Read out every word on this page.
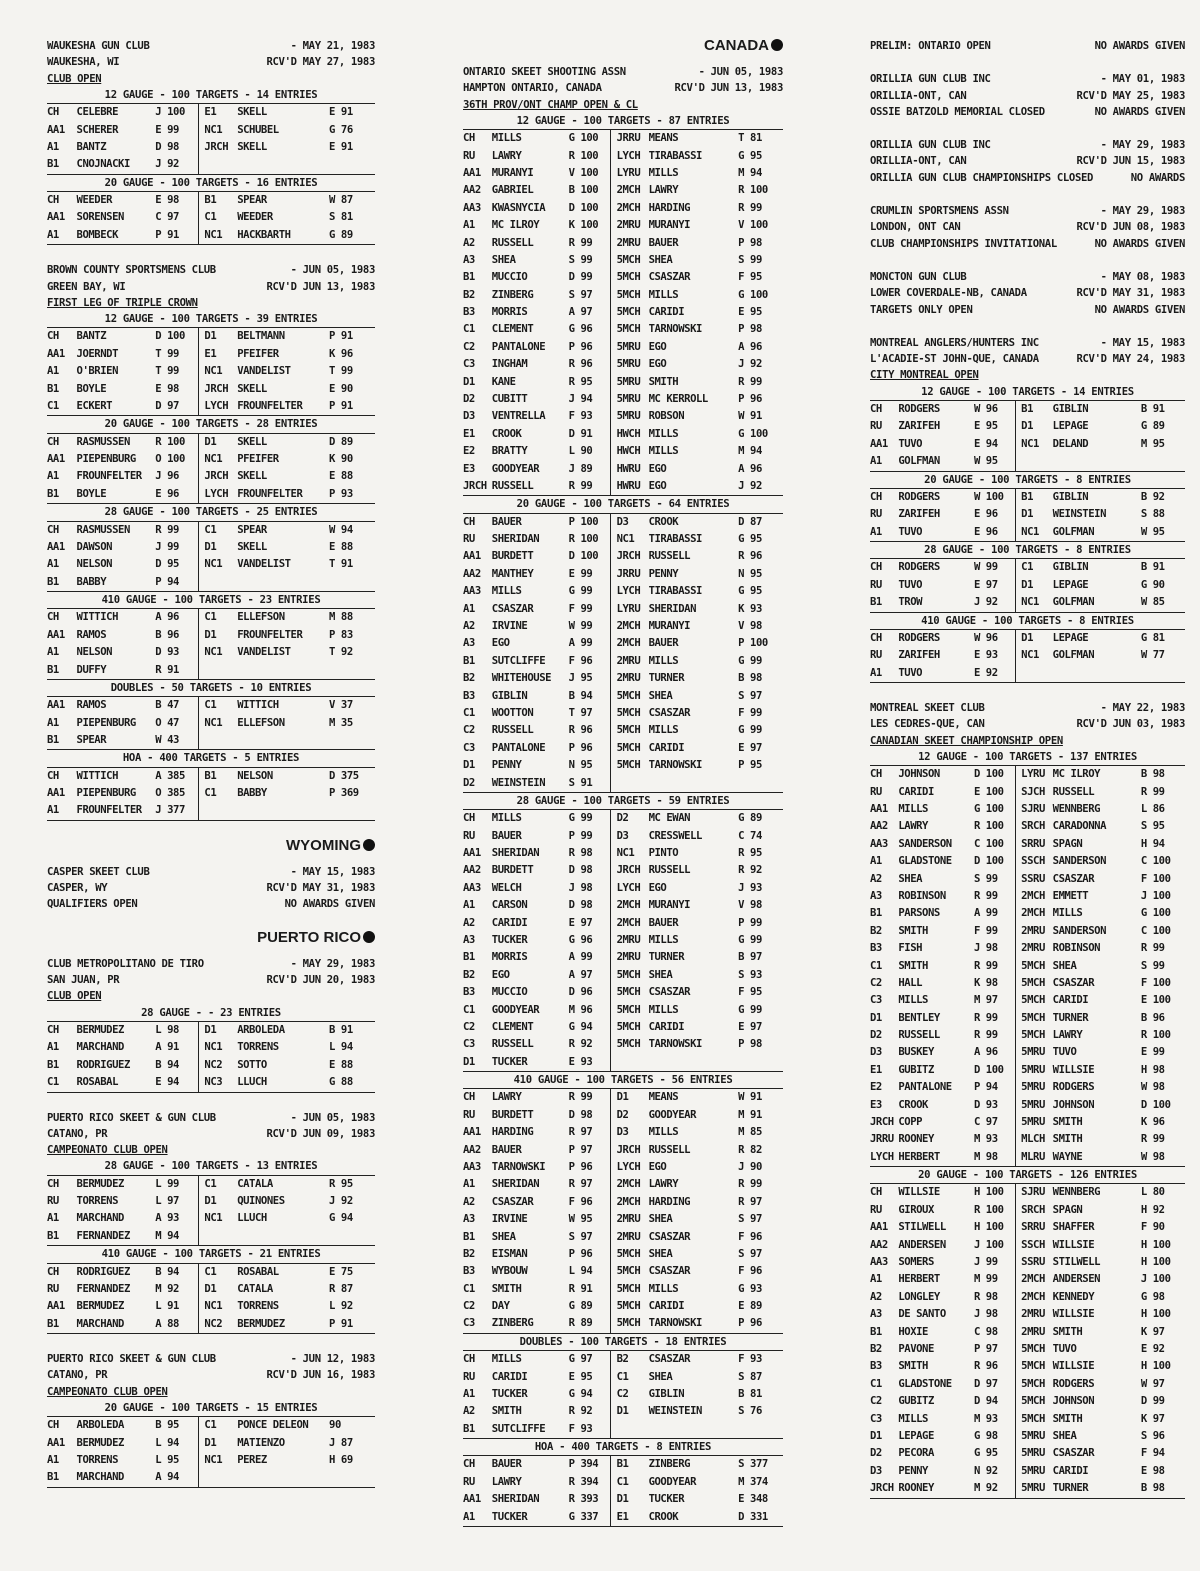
WAUKESHA GUN CLUB	- MAY 21, 1983
WAUKESHA, WI	RCV'D MAY 27, 1983
CLUB OPEN
12 GAUGE - 100 TARGETS - 14 ENTRIES
CH	CELEBRE	J 100	E1	SKELL	E 91
AA1	SCHERER	E 99	NC1	SCHUBEL	G 76
A1	BANTZ	D 98	JRCH SKELL	E 91
B1	CNOJNACKI	J 92
20 GAUGE - 100 TARGETS - 16 ENTRIES
CH	WEEDER	E 98	B1	SPEAR	W 87
AA1	SORENSEN	C 97	C1	WEEDER	S 81
A1	BOMBECK	P 91	NC1	HACKBARTH	G 89
BROWN COUNTY SPORTSMENS CLUB	- JUN 05, 1983
GREEN BAY, WI	RCV'D JUN 13, 1983
FIRST LEG OF TRIPLE CROWN
12 GAUGE - 100 TARGETS - 39 ENTRIES
CH	BANTZ	D 100	D1	BELTMANN	P 91
AA1	JOERNDT	T 99	E1	PFEIFER	K 96
A1	O'BRIEN	T 99	NC1	VANDELIST	T 99
B1	BOYLE	E 98	JRCH SKELL	E 90
C1	ECKERT	D 97	LYCH FROUNFELTER	P 91
20 GAUGE - 100 TARGETS - 28 ENTRIES
CH	RASMUSSEN	R 100	D1	SKELL	D 89
AA1	PIEPENBURG	O 100	NC1	PFEIFER	K 90
A1	FROUNFELTER	J 96	JRCH SKELL	E 88
B1	BOYLE	E 96	LYCH FROUNFELTER	P 93
28 GAUGE - 100 TARGETS - 25 ENTRIES
CH	RASMUSSEN	R 99	C1	SPEAR	W 94
AA1	DAWSON	J 99	D1	SKELL	E 88
A1	NELSON	D 95	NC1	VANDELIST	T 91
B1	BABBY	P 94
410 GAUGE - 100 TARGETS - 23 ENTRIES
CH	WITTICH	A 96	C1	ELLEFSON	M 88
AA1	RAMOS	B 96	D1	FROUNFELTER	P 83
A1	NELSON	D 93	NC1	VANDELIST	T 92
B1	DUFFY	R 91
DOUBLES - 50 TARGETS - 10 ENTRIES
AA1	RAMOS	B 47	C1	WITTICH	V 37
A1	PIEPENBURG	O 47	NC1	ELLEFSON	M 35
B1	SPEAR	W 43
HOA - 400 TARGETS - 5 ENTRIES
CH	WITTICH	A 385	B1	NELSON	D 375
AA1	PIEPENBURG	O 385	C1	BABBY	P 369
A1	FROUNFELTER	J 377
WYOMING
CASPER SKEET CLUB	- MAY 15, 1983
CASPER, WY	RCV'D MAY 31, 1983
QUALIFIERS OPEN	NO AWARDS GIVEN
PUERTO RICO
CLUB METROPOLITANO DE TIRO	- MAY 29, 1983
SAN JUAN, PR	RCV'D JUN 20, 1983
CLUB OPEN
28 GAUGE - - 23 ENTRIES
CH	BERMUDEZ	L 98	D1	ARBOLEDA	B 91
A1	MARCHAND	A 91	NC1	TORRENS	L 94
B1	RODRIGUEZ	B 94	NC2	SOTTO	E 88
C1	ROSABAL	E 94	NC3	LLUCH	G 88
PUERTO RICO SKEET & GUN CLUB	- JUN 05, 1983
CATANO, PR	RCV'D JUN 09, 1983
CAMPEONATO CLUB OPEN
28 GAUGE - 100 TARGETS - 13 ENTRIES
CH	BERMUDEZ	L 99	C1	CATALA	R 95
RU	TORRENS	L 97	D1	QUINONES	J 92
A1	MARCHAND	A 93	NC1	LLUCH	G 94
B1	FERNANDEZ	M 94
410 GAUGE - 100 TARGETS - 21 ENTRIES
CH	RODRIGUEZ	B 94	C1	ROSABAL	E 75
RU	FERNANDEZ	M 92	D1	CATALA	R 87
AA1	BERMUDEZ	L 91	NC1	TORRENS	L 92
B1	MARCHAND	A 88	NC2	BERMUDEZ	P 91
PUERTO RICO SKEET & GUN CLUB	- JUN 12, 1983
CATANO, PR	RCV'D JUN 16, 1983
CAMPEONATO CLUB OPEN
20 GAUGE - 100 TARGETS - 15 ENTRIES
CH	ARBOLEDA	B 95	C1	PONCE DELEON	90
AA1	BERMUDEZ	L 94	D1	MATIENZO	J 87
A1	TORRENS	L 95	NC1	PEREZ	H 69
B1	MARCHAND	A 94
CANADA
ONTARIO SKEET SHOOTING ASSN	- JUN 05, 1983
HAMPTON ONTARIO, CANADA	RCV'D JUN 13, 1983
36TH PROV/ONT CHAMP OPEN & CL
12 GAUGE - 100 TARGETS - 87 ENTRIES
CH	MILLS	G 100	JRRU MEANS	T 81
RU	LAWRY	R 100	LYCH TIRABASSI	G 95
AA1	MURANYI	V 100	LYRU MILLS	M 94
AA2	GABRIEL	B 100	2MCH LAWRY	R 100
AA3	KWASNYCIA	D 100	2MCH HARDING	R 99
A1	MC ILROY	K 100	2MRU MURANYI	V 100
A2	RUSSELL	R 99	2MRU BAUER	P 98
A3	SHEA	S 99	5MCH SHEA	S 99
B1	MUCCIO	D 99	5MCH CSASZAR	F 95
B2	ZINBERG	S 97	5MCH MILLS	G 100
B3	MORRIS	A 97	5MCH CARIDI	E 95
C1	CLEMENT	G 96	5MCH TARNOWSKI	P 98
C2	PANTALONE	P 96	5MRU EGO	A 96
C3	INGHAM	R 96	5MRU EGO	J 92
D1	KANE	R 95	5MRU SMITH	R 99
D2	CUBITT	J 94	5MRU MC KERROLL	P 96
D3	VENTRELLA	F 93	5MRU ROBSON	W 91
E1	CROOK	D 91	HWCH MILLS	G 100
E2	BRATTY	L 90	HWCH MILLS	M 94
E3	GOODYEAR	J 89	HWRU EGO	A 96
JRCH RUSSELL	R 99	HWRU EGO	J 92
20 GAUGE - 100 TARGETS - 64 ENTRIES
CH	BAUER	P 100	D3	CROOK	D 87
RU	SHERIDAN	R 100	NC1	TIRABASSI	G 95
AA1	BURDETT	D 100	JRCH RUSSELL	R 96
AA2	MANTHEY	E 99	JRRU PENNY	N 95
AA3	MILLS	G 99	LYCH TIRABASSI	G 95
A1	CSASZAR	F 99	LYRU SHERIDAN	K 93
A2	IRVINE	W 99	2MCH MURANYI	V 98
A3	EGO	A 99	2MCH BAUER	P 100
B1	SUTCLIFFE	F 96	2MRU MILLS	G 99
B2	WHITEHOUSE	J 95	2MRU TURNER	B 98
B3	GIBLIN	B 94	5MCH SHEA	S 97
C1	WOOTTON	T 97	5MCH CSASZAR	F 99
C2	RUSSELL	R 96	5MCH MILLS	G 99
C3	PANTALONE	P 96	5MCH CARIDI	E 97
D1	PENNY	N 95	5MCH TARNOWSKI	P 95
D2	WEINSTEIN	S 91
28 GAUGE - 100 TARGETS - 59 ENTRIES
CH	MILLS	G 99	D2	MC EWAN	G 89
RU	BAUER	P 99	D3	CRESSWELL	C 74
AA1	SHERIDAN	R 98	NC1	PINTO	R 95
AA2	BURDETT	D 98	JRCH RUSSELL	R 92
AA3	WELCH	J 98	LYCH EGO	J 93
A1	CARSON	D 98	2MCH MURANYI	V 98
A2	CARIDI	E 97	2MCH BAUER	P 99
A3	TUCKER	G 96	2MRU MILLS	G 99
B1	MORRIS	A 99	2MRU TURNER	B 97
B2	EGO	A 97	5MCH SHEA	S 93
B3	MUCCIO	D 96	5MCH CSASZAR	F 95
C1	GOODYEAR	M 96	5MCH MILLS	G 99
C2	CLEMENT	G 94	5MCH CARIDI	E 97
C3	RUSSELL	R 92	5MCH TARNOWSKI	P 98
D1	TUCKER	E 93
410 GAUGE - 100 TARGETS - 56 ENTRIES
CH	LAWRY	R 99	D1	MEANS	W 91
RU	BURDETT	D 98	D2	GOODYEAR	M 91
AA1	HARDING	R 97	D3	MILLS	M 85
AA2	BAUER	P 97	JRCH RUSSELL	R 82
AA3	TARNOWSKI	P 96	LYCH EGO	J 90
A1	SHERIDAN	R 97	2MCH LAWRY	R 99
A2	CSASZAR	F 96	2MCH HARDING	R 97
A3	IRVINE	W 95	2MRU SHEA	S 97
B1	SHEA	S 97	2MRU CSASZAR	F 96
B2	EISMAN	P 96	5MCH SHEA	S 97
B3	WYBOUW	L 94	5MCH CSASZAR	F 96
C1	SMITH	R 91	5MCH MILLS	G 93
C2	DAY	G 89	5MCH CARIDI	E 89
C3	ZINBERG	R 89	5MCH TARNOWSKI	P 96
DOUBLES - 100 TARGETS - 18 ENTRIES
CH	MILLS	G 97	B2	CSASZAR	F 93
RU	CARIDI	E 95	C1	SHEA	S 87
A1	TUCKER	G 94	C2	GIBLIN	B 81
A2	SMITH	R 92	D1	WEINSTEIN	S 76
B1	SUTCLIFFE	F 93
HOA - 400 TARGETS - 8 ENTRIES
CH	BAUER	P 394	B1	ZINBERG	S 377
RU	LAWRY	R 394	C1	GOODYEAR	M 374
AA1	SHERIDAN	R 393	D1	TUCKER	E 348
A1	TUCKER	G 337	E1	CROOK	D 331
PRELIM: ONTARIO OPEN	NO AWARDS GIVEN
ORILLIA GUN CLUB INC	- MAY 01, 1983
ORILLIA-ONT, CAN	RCV'D MAY 25, 1983
OSSIE BATZOLD MEMORIAL CLOSED	NO AWARDS GIVEN
ORILLIA GUN CLUB INC	- MAY 29, 1983
ORILLIA-ONT, CAN	RCV'D JUN 15, 1983
ORILLIA GUN CLUB CHAMPIONSHIPS CLOSED	NO AWARDS
CRUMLIN SPORTSMENS ASSN	- MAY 29, 1983
LONDON, ONT CAN	RCV'D JUN 08, 1983
CLUB CHAMPIONSHIPS INVITATIONAL	NO AWARDS GIVEN
MONCTON GUN CLUB	- MAY 08, 1983
LOWER COVERDALE-NB, CANADA	RCV'D MAY 31, 1983
TARGETS ONLY OPEN	NO AWARDS GIVEN
MONTREAL ANGLERS/HUNTERS INC	- MAY 15, 1983
L'ACADIE-ST JOHN-QUE, CANADA	RCV'D MAY 24, 1983
CITY MONTREAL OPEN
12 GAUGE - 100 TARGETS - 14 ENTRIES
CH	RODGERS	W 96	B1	GIBLIN	B 91
RU	ZARIFEH	E 95	D1	LEPAGE	G 89
AA1 TUVO	E 94	NC1	DELAND	M 95
A1	GOLFMAN	W 95
20 GAUGE - 100 TARGETS - 8 ENTRIES
CH	RODGERS	W 100	B1	GIBLIN	B 92
RU	ZARIFEH	E 96	D1	WEINSTEIN	S 88
A1	TUVO	E 96	NC1	GOLFMAN	W 95
28 GAUGE - 100 TARGETS - 8 ENTRIES
CH	RODGERS	W 99	C1	GIBLIN	B 91
RU	TUVO	E 97	D1	LEPAGE	G 90
B1	TROW	J 92	NC1	GOLFMAN	W 85
410 GAUGE - 100 TARGETS - 8 ENTRIES
CH	RODGERS	W 96	D1	LEPAGE	G 81
RU	ZARIFEH	E 93	NC1	GOLFMAN	W 77
A1	TUVO	E 92
MONTREAL SKEET CLUB	- MAY 22, 1983
LES CEDRES-QUE, CAN	RCV'D JUN 03, 1983
CANADIAN SKEET CHAMPIONSHIP OPEN
12 GAUGE - 100 TARGETS - 137 ENTRIES
CH	JOHNSON	D 100	LYRU MC ILROY	B 98
RU	CARIDI	E 100	SJCH RUSSELL	R 99
AA1 MILLS	G 100	SJRU WENNBERG	L 86
AA2 LAWRY	R 100	SRCH CARADONNA	S 95
AA3 SANDERSON	C 100	SRRU SPAGN	H 94
A1	GLADSTONE	D 100	SSCH SANDERSON	C 100
A2	SHEA	S 99	SSRU CSASZAR	F 100
A3	ROBINSON	R 99	2MCH EMMETT	J 100
B1	PARSONS	A 99	2MCH MILLS	G 100
B2	SMITH	F 99	2MRU SANDERSON	C 100
B3	FISH	J 98	2MRU ROBINSON	R 99
C1	SMITH	R 99	5MCH SHEA	S 99
C2	HALL	K 98	5MCH CSASZAR	F 100
C3	MILLS	M 97	5MCH CARIDI	E 100
D1	BENTLEY	R 99	5MCH TURNER	B 96
D2	RUSSELL	R 99	5MCH LAWRY	R 100
D3	BUSKEY	A 96	5MRU TUVO	E 99
E1	GUBITZ	D 100	5MRU WILLSIE	H 98
E2	PANTALONE	P 94	5MRU RODGERS	W 98
E3	CROOK	D 93	5MRU JOHNSON	D 100
JRCH COPP	C 97	5MRU SMITH	K 96
JRRU ROONEY	M 93	MLCH SMITH	R 99
LYCH HERBERT	M 98	MLRU WAYNE	W 98
20 GAUGE - 100 TARGETS - 126 ENTRIES
CH	WILLSIE	H 100	SJRU WENNBERG	L 80
RU	GIROUX	R 100	SRCH SPAGN	H 92
AA1 STILWELL	H 100	SRRU SHAFFER	F 90
AA2 ANDERSEN	J 100	SSCH WILLSIE	H 100
AA3 SOMERS	J 99	SSRU STILWELL	H 100
A1	HERBERT	M 99	2MCH ANDERSEN	J 100
A2	LONGLEY	R 98	2MCH KENNEDY	G 98
A3	DE SANTO	J 98	2MRU WILLSIE	H 100
B1	HOXIE	C 98	2MRU SMITH	K 97
B2	PAVONE	P 97	5MCH TUVO	E 92
B3	SMITH	R 96	5MCH WILLSIE	H 100
C1	GLADSTONE	D 97	5MCH RODGERS	W 97
C2	GUBITZ	D 94	5MCH JOHNSON	D 99
C3	MILLS	M 93	5MCH SMITH	K 97
D1	LEPAGE	G 98	5MRU SHEA	S 96
D2	PECORA	G 95	5MRU CSASZAR	F 94
D3	PENNY	N 92	5MRU CARIDI	E 98
JRCH ROONEY	M 92	5MRU TURNER	B 98
